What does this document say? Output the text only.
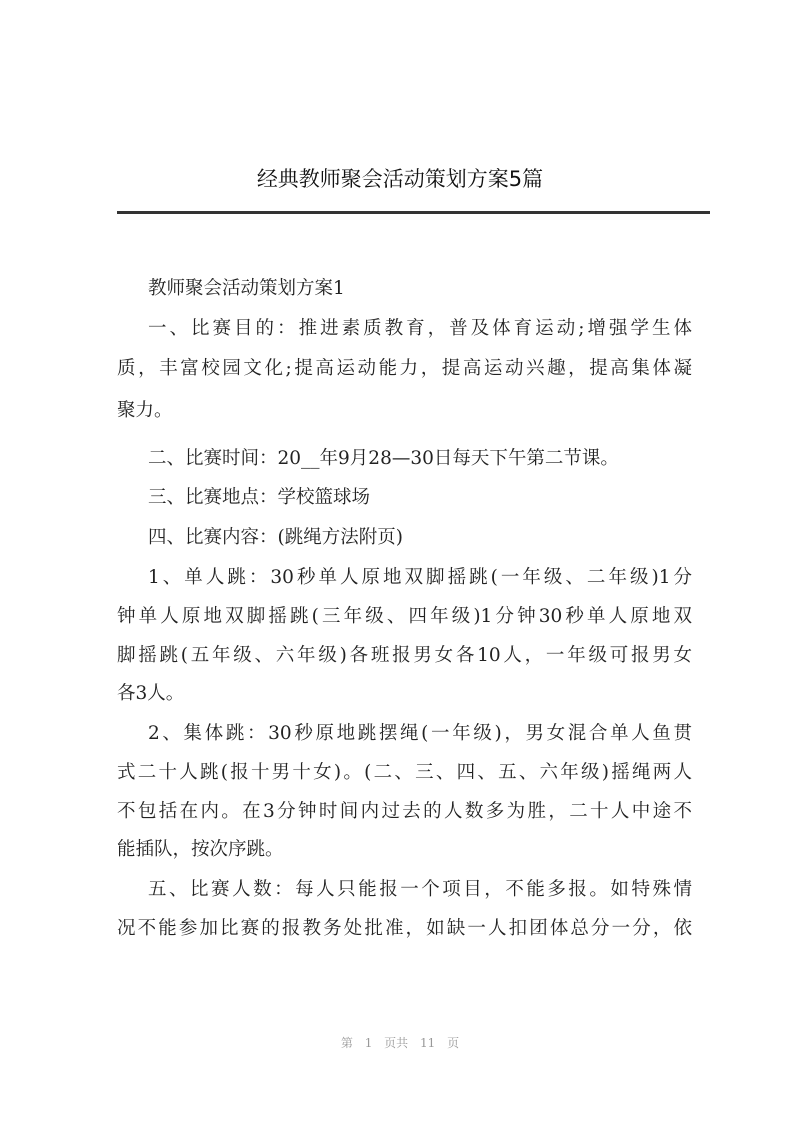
经典教师聚会活动策划方案5篇
教师聚会活动策划方案1
一、比赛目的：推进素质教育，普及体育运动;增强学生体
质，丰富校园文化;提高运动能力，提高运动兴趣，提高集体凝
聚力。
二、比赛时间：20__年9月28—30日每天下午第二节课。
三、比赛地点：学校篮球场
四、比赛内容：(跳绳方法附页)
1、单人跳：30秒单人原地双脚摇跳(一年级、二年级)1分
钟单人原地双脚摇跳(三年级、四年级)1分钟30秒单人原地双
脚摇跳(五年级、六年级)各班报男女各10人，一年级可报男女
各3人。
2、集体跳：30秒原地跳摆绳(一年级)，男女混合单人鱼贯
式二十人跳(报十男十女)。(二、三、四、五、六年级)摇绳两人
不包括在内。在3分钟时间内过去的人数多为胜，二十人中途不
能插队，按次序跳。
五、比赛人数：每人只能报一个项目，不能多报。如特殊情
况不能参加比赛的报教务处批准，如缺一人扣团体总分一分，依
第 1 页共 11 页
